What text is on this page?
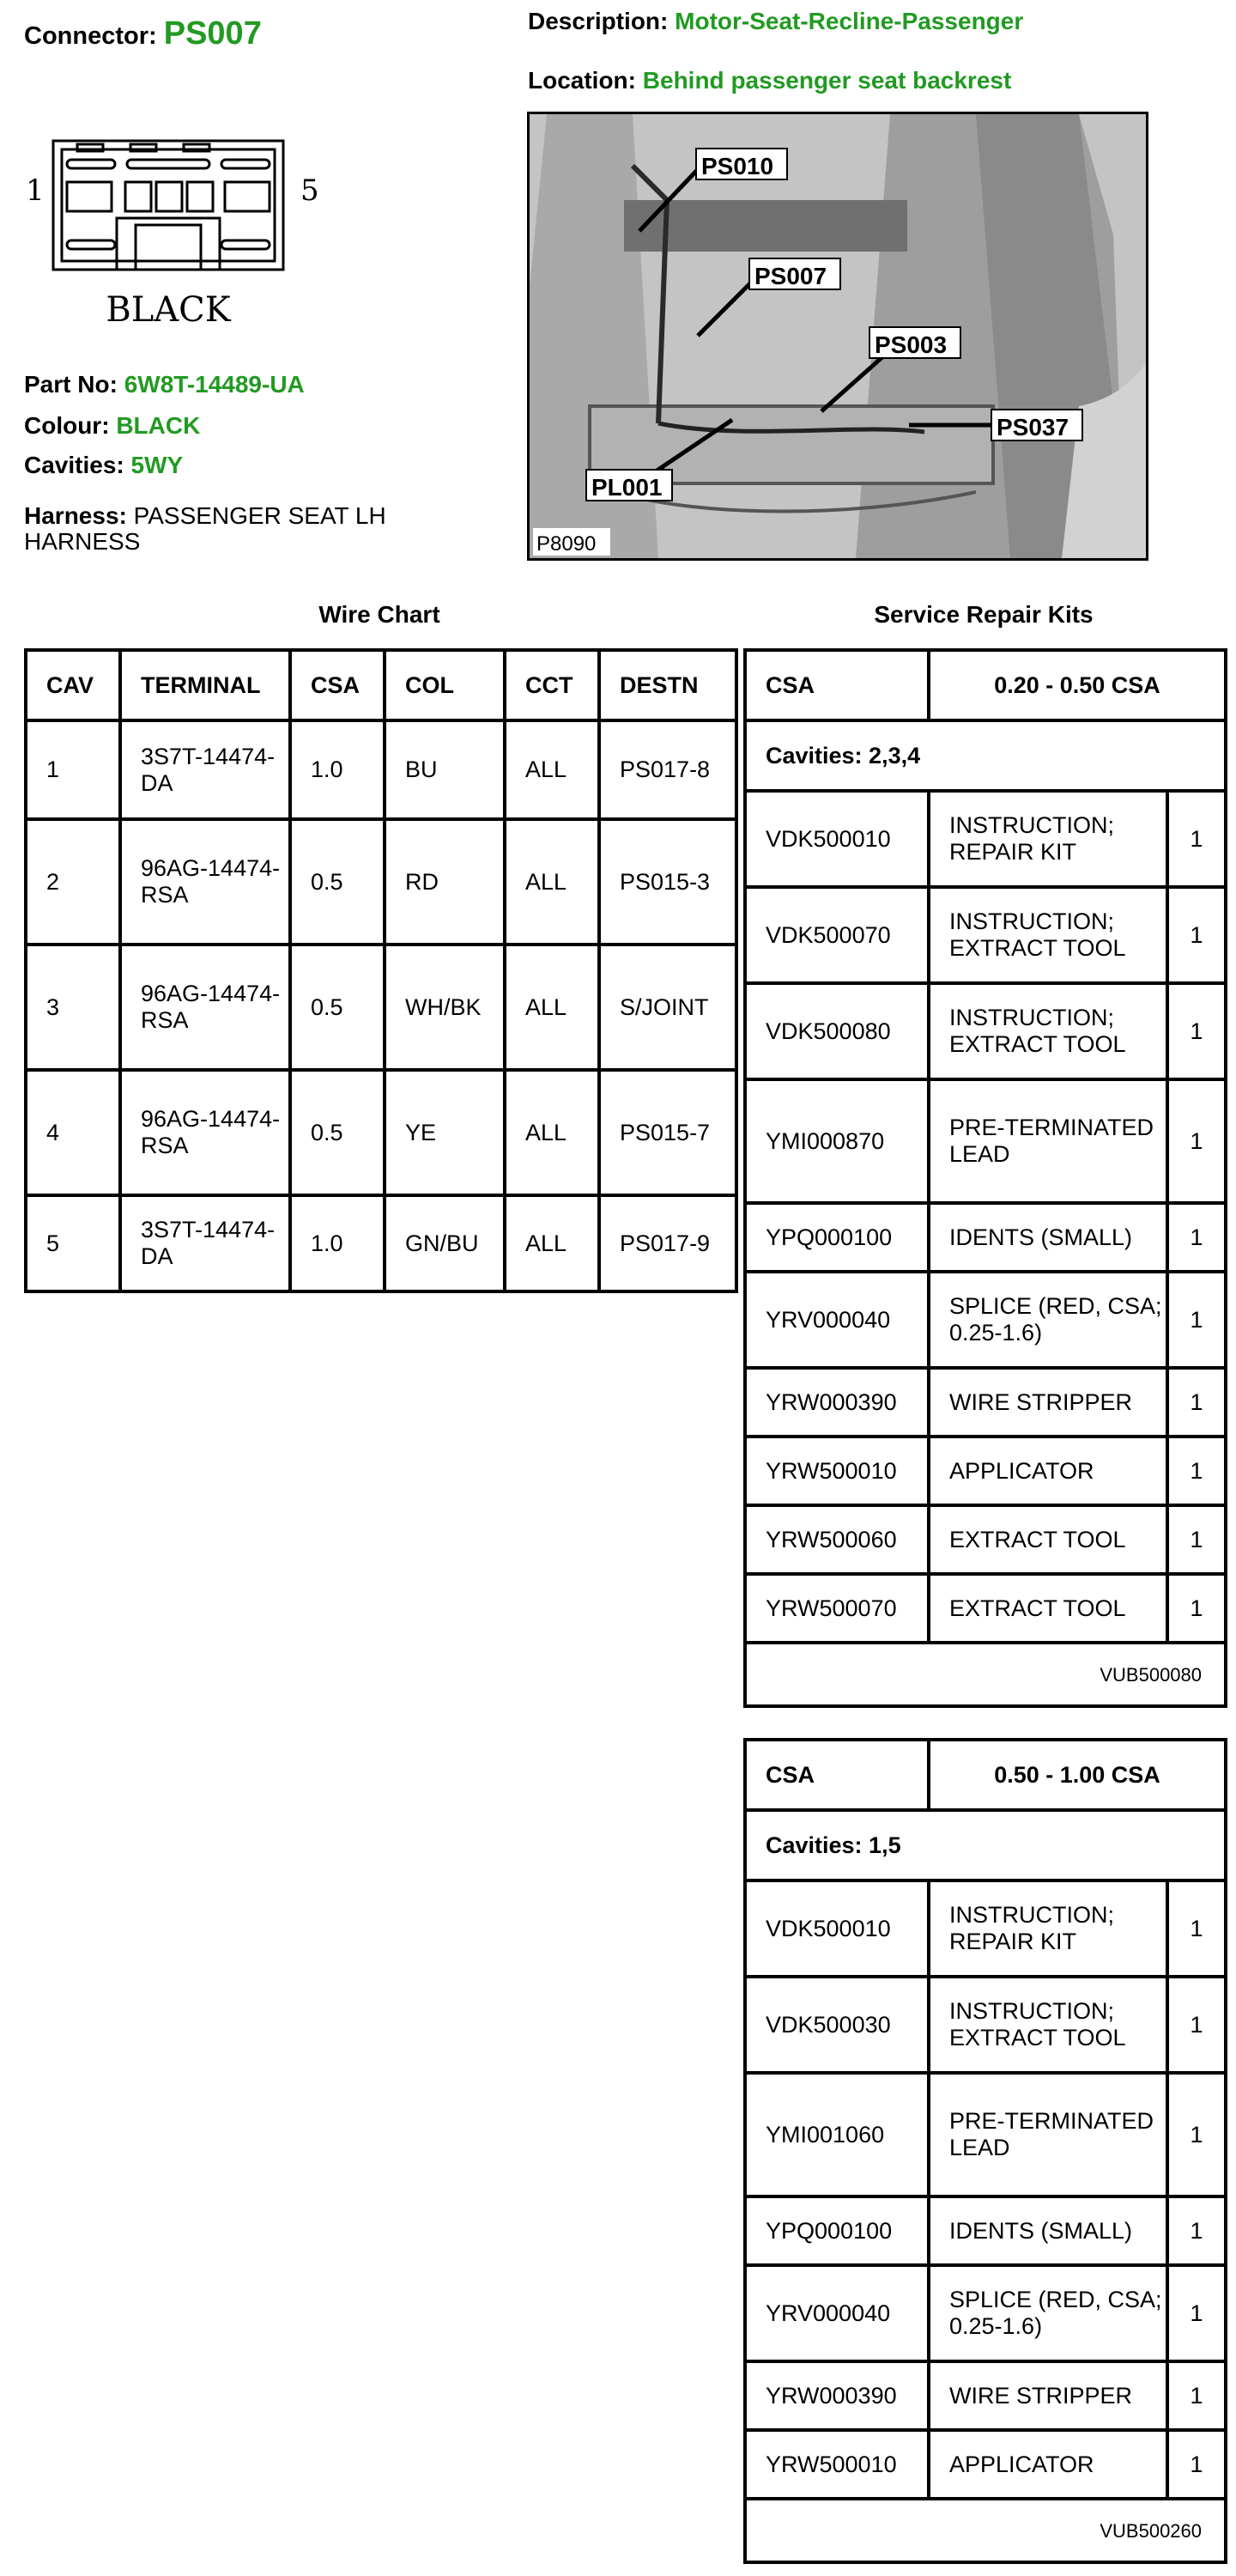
Connector: PS007	Description: Motor-Seat-Recline-Passenger
Location: Behind passenger seat backrest
1	5
BLACK
Part No: 6W8T-14489-UA
Colour: BLACK
Cavities: 5WY
Harness: PASSENGER SEAT LH HARNESS
PS010
PS007
PS003
PS037
PL001
P8090
Wire Chart	Service Repair Kits
CAV	TERMINAL	CSA	COL	CCT	DESTN
1	3S7T-14474-DA	1.0	BU	ALL	PS017-8
2	96AG-14474-RSA	0.5	RD	ALL	PS015-3
3	96AG-14474-RSA	0.5	WH/BK	ALL	S/JOINT
4	96AG-14474-RSA	0.5	YE	ALL	PS015-7
5	3S7T-14474-DA	1.0	GN/BU	ALL	PS017-9
CSA	0.20 - 0.50 CSA	
Cavities: 2,3,4		
VDK500010	INSTRUCTION; REPAIR KIT	1
VDK500070	INSTRUCTION; EXTRACT TOOL	1
VDK500080	INSTRUCTION; EXTRACT TOOL	1
YMI000870	PRE-TERMINATED LEAD	1
YPQ000100	IDENTS (SMALL)	1
YRV000040	SPLICE (RED, CSA; 0.25-1.6)	1
YRW000390	WIRE STRIPPER	1
YRW500010	APPLICATOR	1
YRW500060	EXTRACT TOOL	1
YRW500070	EXTRACT TOOL	1
VUB500080		
CSA	0.50 - 1.00 CSA	
Cavities: 1,5		
VDK500010	INSTRUCTION; REPAIR KIT	1
VDK500030	INSTRUCTION; EXTRACT TOOL	1
YMI001060	PRE-TERMINATED LEAD	1
YPQ000100	IDENTS (SMALL)	1
YRV000040	SPLICE (RED, CSA; 0.25-1.6)	1
YRW000390	WIRE STRIPPER	1
YRW500010	APPLICATOR	1
VUB500260		
